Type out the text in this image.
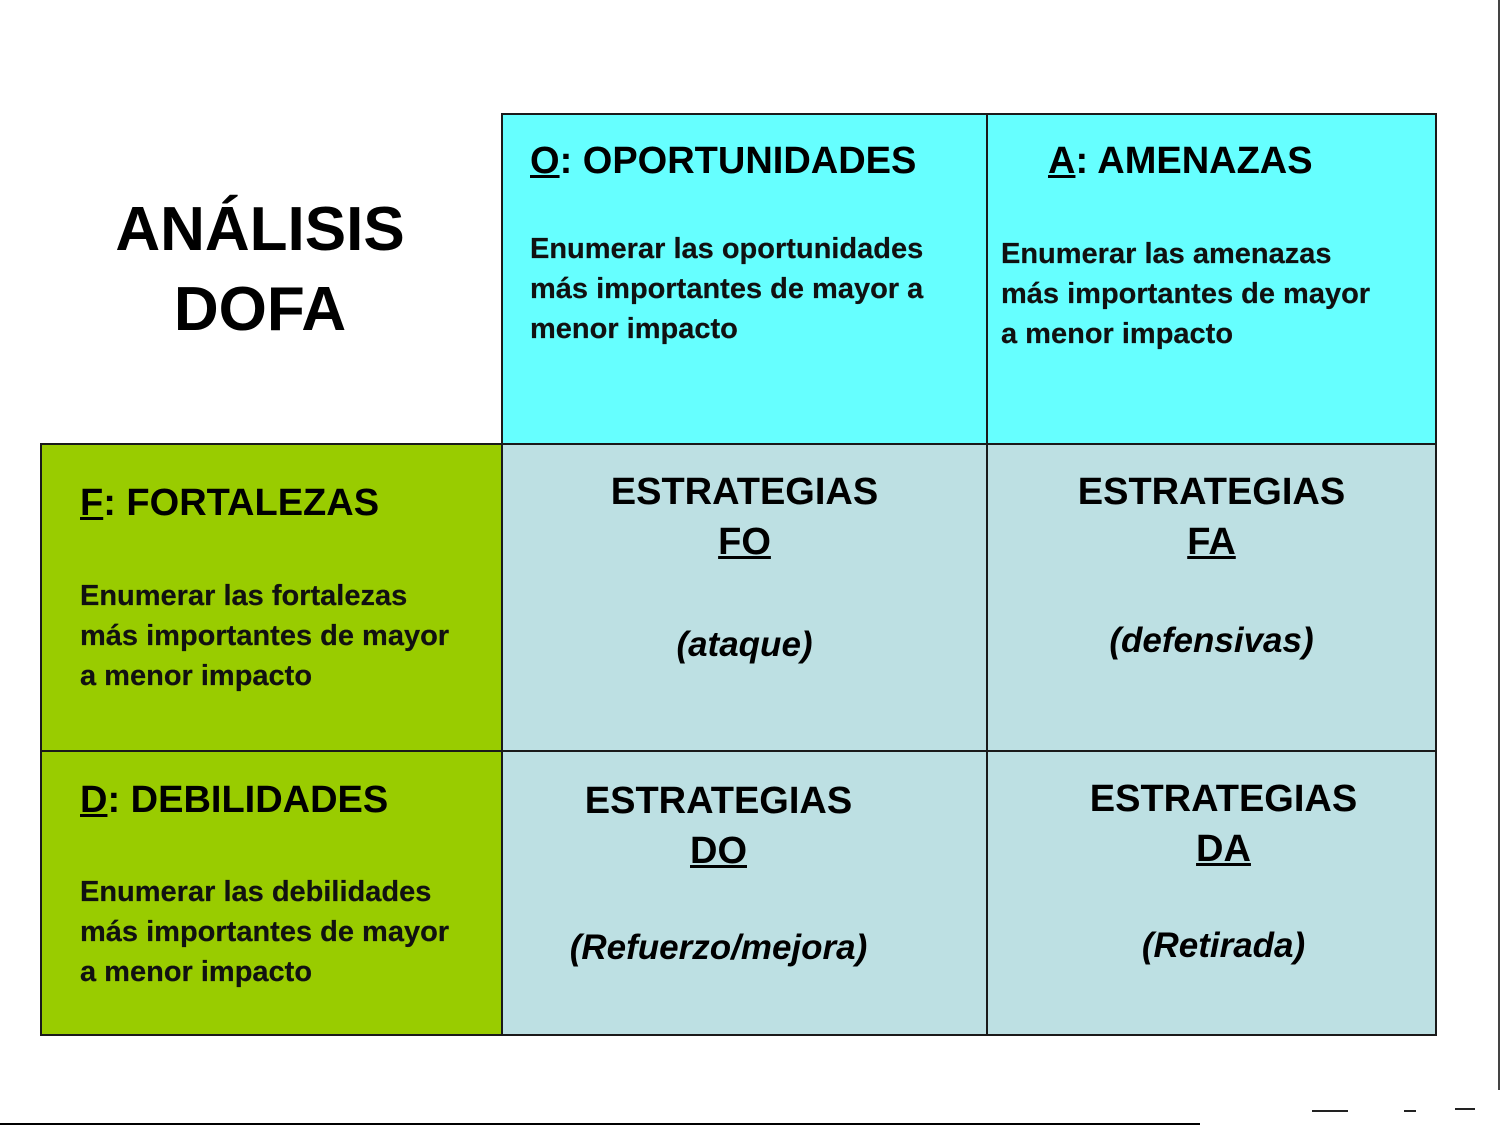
ANÁLISIS
DOFA
O: OPORTUNIDADES
Enumerar las oportunidades
más importantes de mayor a
menor impacto
A: AMENAZAS
Enumerar las amenazas
más importantes de mayor
a menor impacto
F: FORTALEZAS
Enumerar las fortalezas
más importantes de mayor
a menor impacto
D: DEBILIDADES
Enumerar las debilidades
más importantes de mayor
a menor impacto
ESTRATEGIAS
FO
(ataque)
ESTRATEGIAS
FA
(defensivas)
ESTRATEGIAS
DO
(Refuerzo/mejora)
ESTRATEGIAS
DA
(Retirada)
